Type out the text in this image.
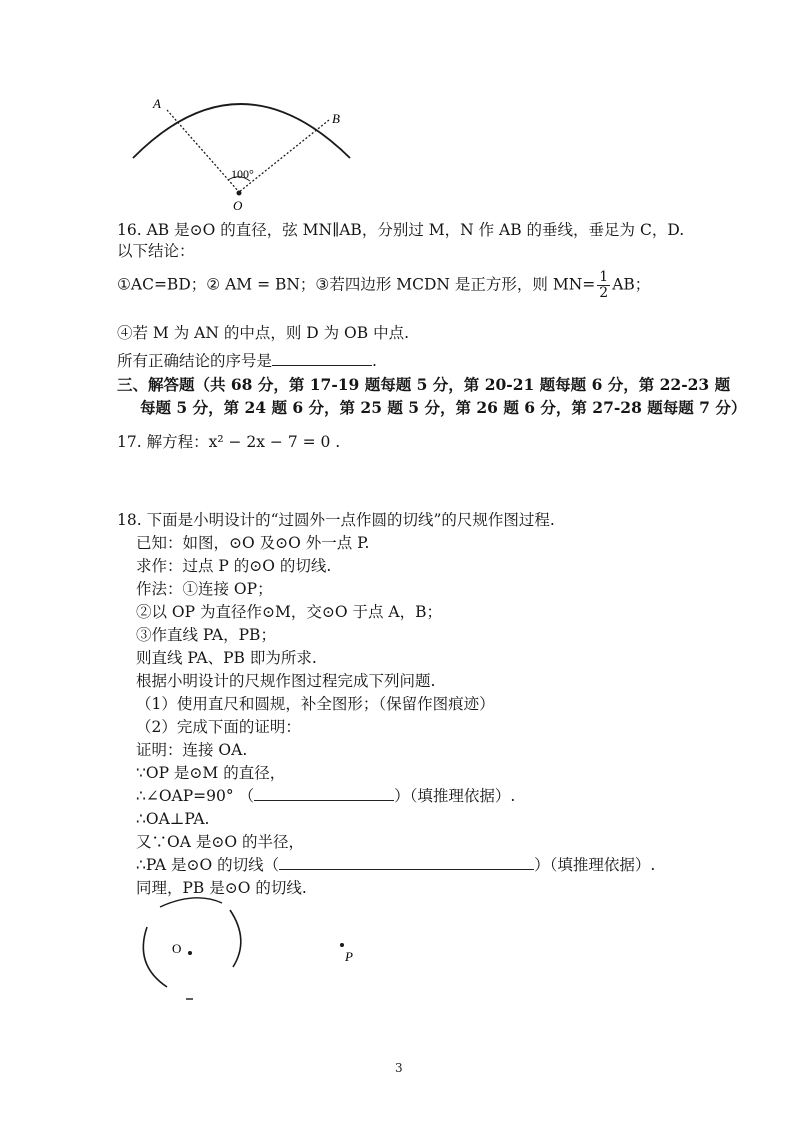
A
B
100°
O
16. AB 是⊙O 的直径，弦 MN∥AB，分别过 M，N 作 AB 的垂线，垂足为 C，D.
以下结论：
①AC=BD；② AM = BN；③若四边形 MCDN 是正方形，则 $MN= \frac{1}{2}$ AB；
④若 M 为 AN 的中点，则 D 为 OB 中点.
所有正确结论的序号是	.
三、解答题（共 68 分，第 17-19 题每题 5 分，第 20-21 题每题 6 分，第 22-23 题
每题 5 分，第 24 题 6 分，第 25 题 5 分，第 26 题 6 分，第 27-28 题每题 7 分）
17. 解方程：x² − 2x − 7 = 0 .
18. 下面是小明设计的“过圆外一点作圆的切线”的尺规作图过程.
已知：如图，⊙O 及⊙O 外一点 P.
求作：过点 P 的⊙O 的切线.
作法：①连接 OP；
②以 OP 为直径作⊙M，交⊙O 于点 A，B；
③作直线 PA，PB；
则直线 PA、PB 即为所求.
根据小明设计的尺规作图过程完成下列问题.
（1）使用直尺和圆规，补全图形；（保留作图痕迹）
（2）完成下面的证明：
证明：连接 OA.
∵OP 是⊙M 的直径，
∴∠OAP=90° （	）（填推理依据）.
∴OA⊥PA.
又∵OA 是⊙O 的半径，
∴PA 是⊙O 的切线（	）（填推理依据）.
同理，PB 是⊙O 的切线.
O
P
3
